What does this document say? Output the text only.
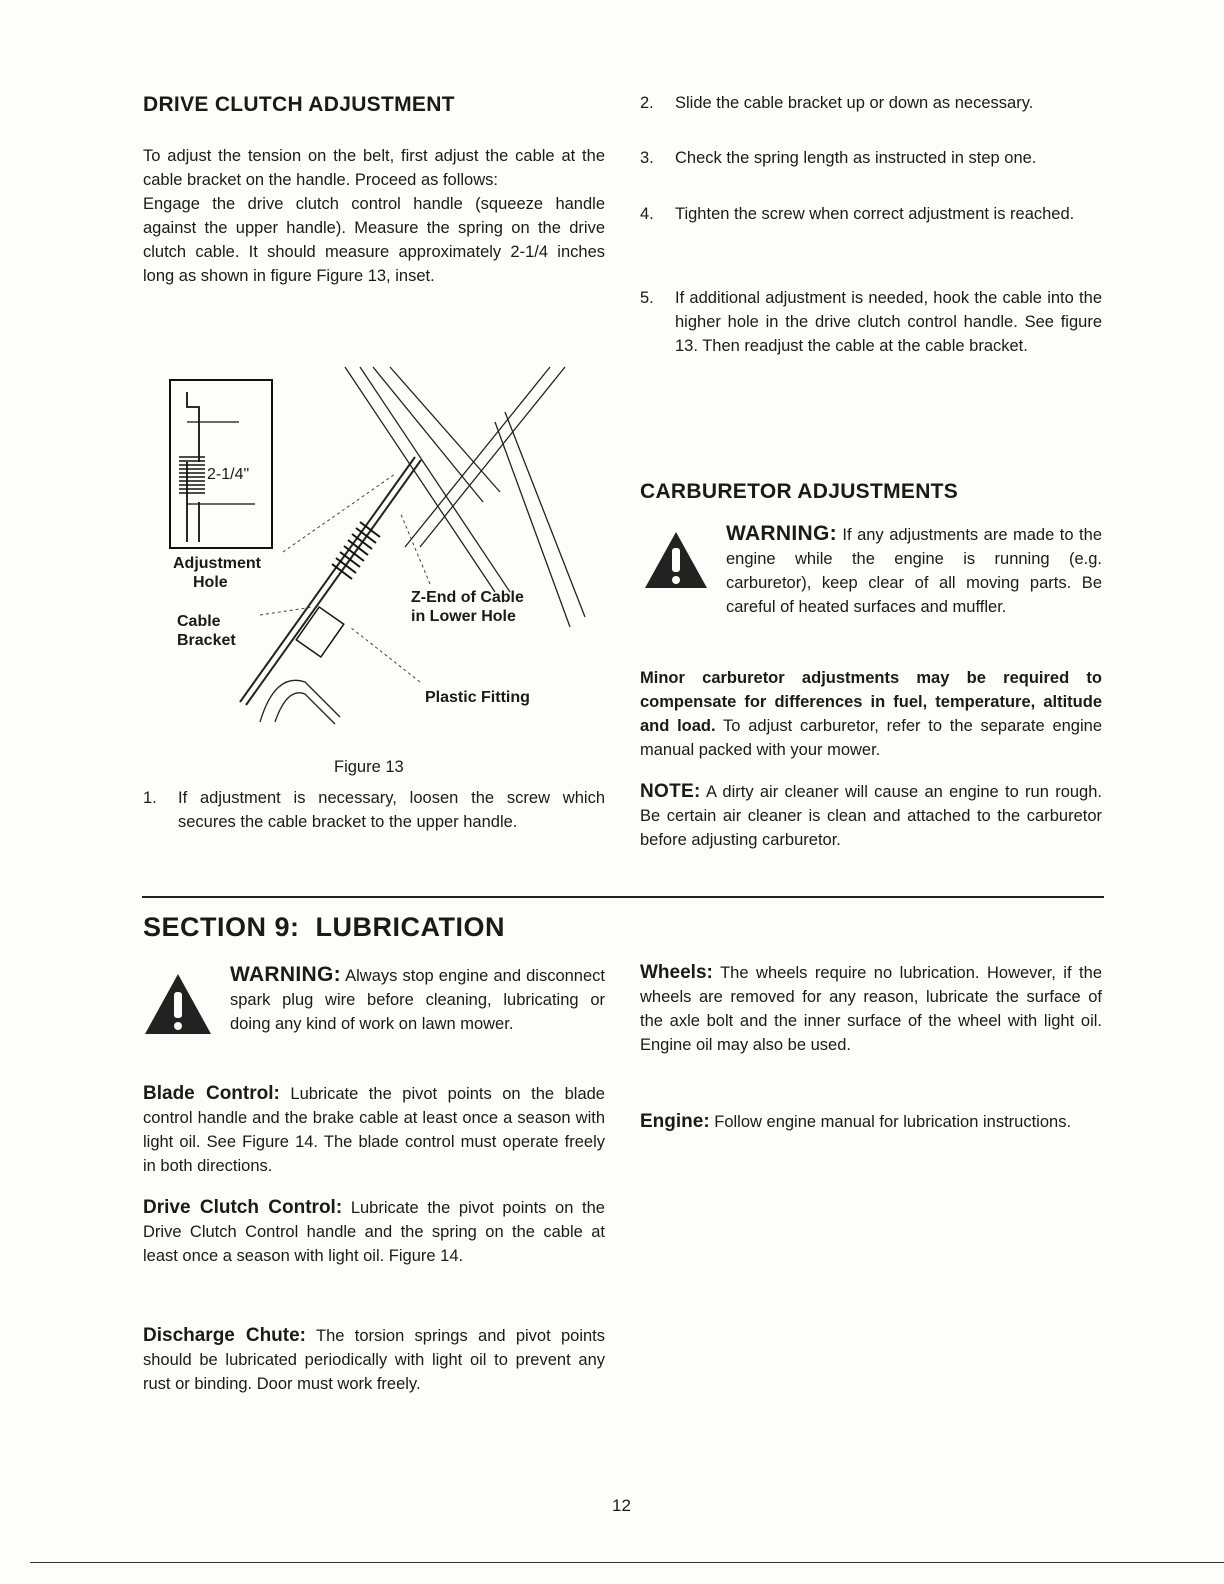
DRIVE CLUTCH ADJUSTMENT

To adjust the tension on the belt, first adjust the cable at the cable bracket on the handle. Proceed as follows:

Engage the drive clutch control handle (squeeze handle against the upper handle). Measure the spring on the drive clutch cable. It should measure approximately 2-1/4 inches long as shown in figure Figure 13, inset.

2-1/4"
Adjustment
Hole
Cable
Bracket
Z-End of Cable
in Lower Hole
Plastic Fitting
Figure 13
1. If adjustment is necessary, loosen the screw which secures the cable bracket to the upper handle.
2. Slide the cable bracket up or down as necessary.
3. Check the spring length as instructed in step one.
4. Tighten the screw when correct adjustment is reached.
5. If additional adjustment is needed, hook the cable into the higher hole in the drive clutch control handle. See figure 13. Then readjust the cable at the cable bracket.
CARBURETOR ADJUSTMENTS
WARNING: If any adjustments are made to the engine while the engine is running (e.g. carburetor), keep clear of all moving parts. Be careful of heated surfaces and muffler.
Minor carburetor adjustments may be required to compensate for differences in fuel, temperature, altitude and load. To adjust carburetor, refer to the separate engine manual packed with your mower.
NOTE: A dirty air cleaner will cause an engine to run rough. Be certain air cleaner is clean and attached to the carburetor before adjusting carburetor.
SECTION 9:  LUBRICATION
WARNING: Always stop engine and disconnect spark plug wire before cleaning, lubricating or doing any kind of work on lawn mower.
Blade Control: Lubricate the pivot points on the blade control handle and the brake cable at least once a season with light oil. See Figure 14. The blade control must operate freely in both directions.
Drive Clutch Control: Lubricate the pivot points on the Drive Clutch Control handle and the spring on the cable at least once a season with light oil. Figure 14.
Discharge Chute: The torsion springs and pivot points should be lubricated periodically with light oil to prevent any rust or binding. Door must work freely.
Wheels: The wheels require no lubrication. However, if the wheels are removed for any reason, lubricate the surface of the axle bolt and the inner surface of the wheel with light oil. Engine oil may also be used.
Engine: Follow engine manual for lubrication instructions.
12
